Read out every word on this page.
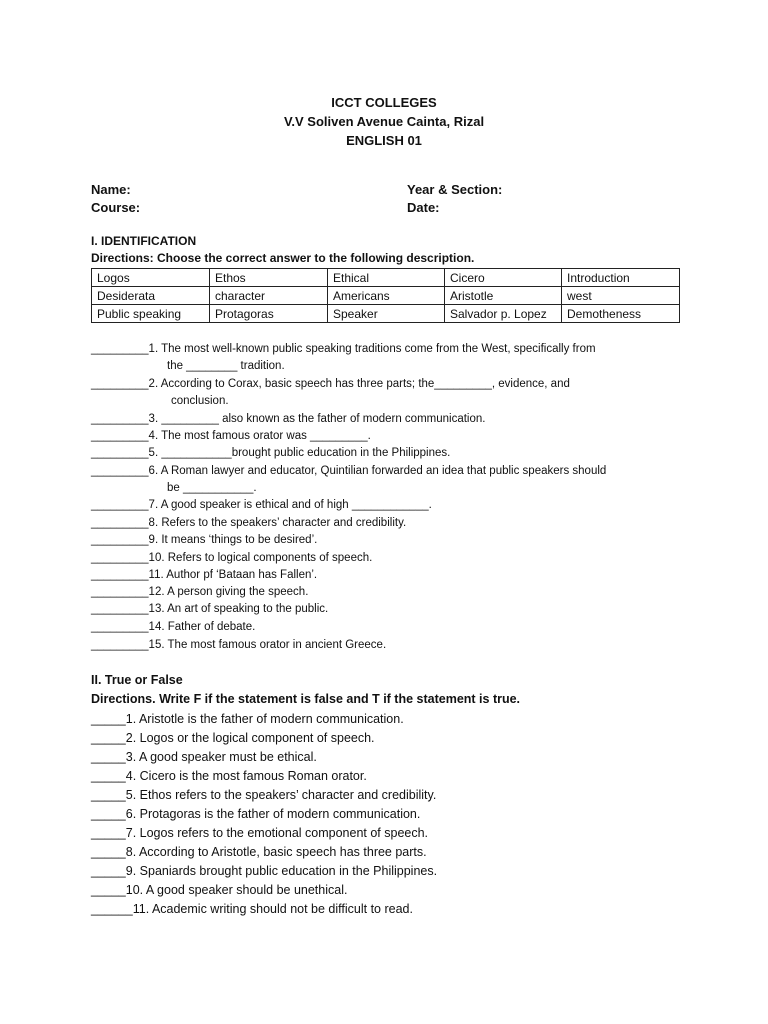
ICCT COLLEGES
V.V Soliven Avenue Cainta, Rizal
ENGLISH 01
Name:
Course:
Year & Section:
Date:
I. IDENTIFICATION
Directions: Choose the correct answer to the following description.
Logos	Ethos	Ethical	Cicero	Introduction
Desiderata	character	Americans	Aristotle	west
Public speaking	Protagoras	Speaker	Salvador p. Lopez	Demotheness
_________1. The most well-known public speaking traditions come from the West, specifically from
the ________ tradition.
_________2. According to Corax, basic speech has three parts; the_________, evidence, and
conclusion.
_________3. _________ also known as the father of modern communication.
_________4. The most famous orator was _________.
_________5. ___________brought public education in the Philippines.
_________6. A Roman lawyer and educator, Quintilian forwarded an idea that public speakers should
be ___________.
_________7. A good speaker is ethical and of high ____________.
_________8. Refers to the speakers’ character and credibility.
_________9. It means ‘things to be desired’.
_________10. Refers to logical components of speech.
_________11. Author pf ‘Bataan has Fallen’.
_________12. A person giving the speech.
_________13. An art of speaking to the public.
_________14. Father of debate.
_________15. The most famous orator in ancient Greece.
II. True or False
Directions. Write F if the statement is false and T if the statement is true.
_____1. Aristotle is the father of modern communication.
_____2. Logos or the logical component of speech.
_____3. A good speaker must be ethical.
_____4. Cicero is the most famous Roman orator.
_____5. Ethos refers to the speakers’ character and credibility.
_____6. Protagoras is the father of modern communication.
_____7. Logos refers to the emotional component of speech.
_____8. According to Aristotle, basic speech has three parts.
_____9. Spaniards brought public education in the Philippines.
_____10. A good speaker should be unethical.
______11. Academic writing should not be difficult to read.
